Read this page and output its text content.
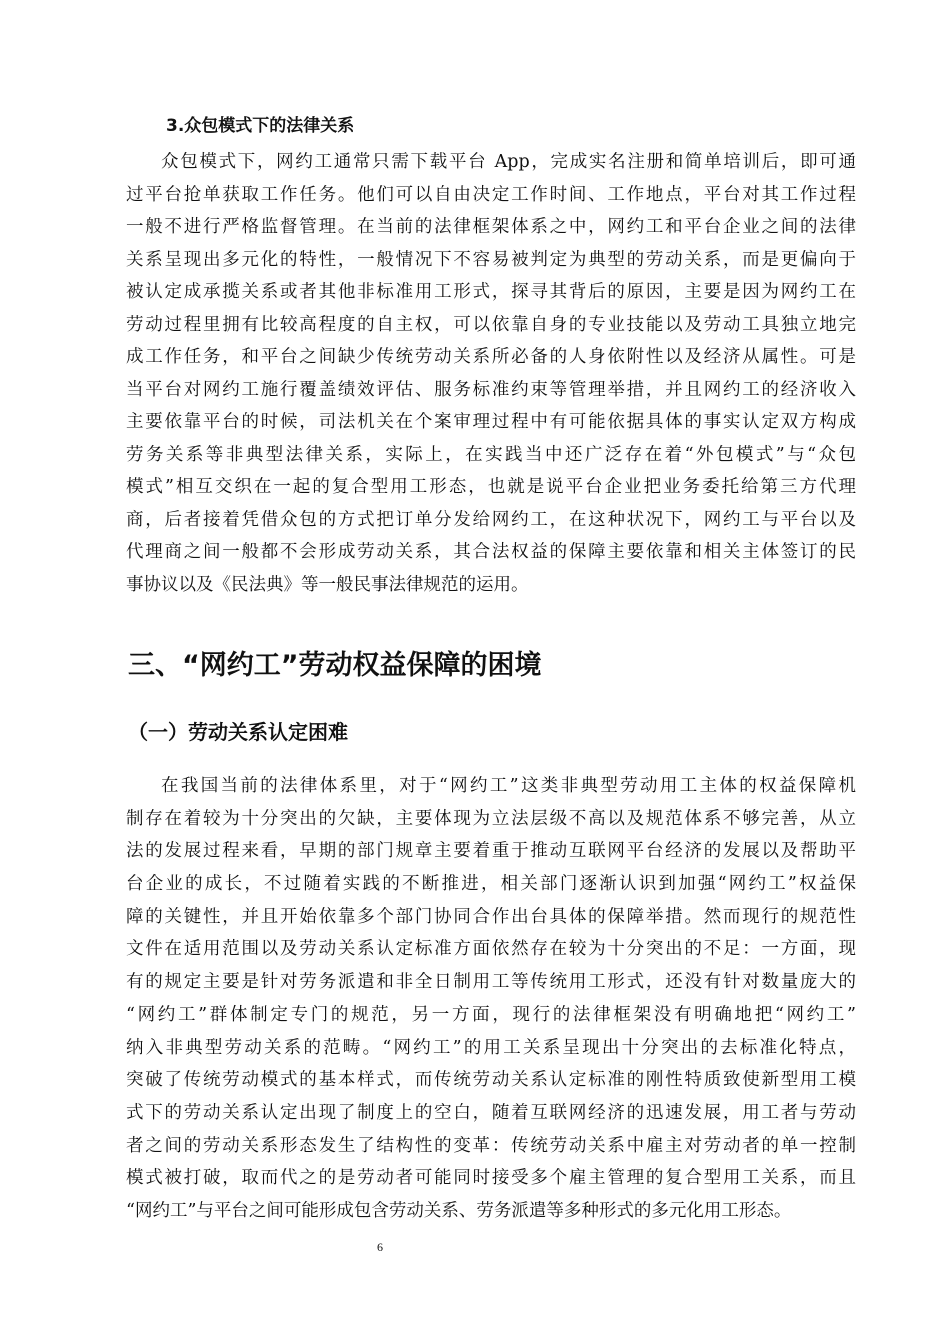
3.众包模式下的法律关系
众包模式下，网约工通常只需下载平台 App，完成实名注册和简单培训后，即可通
过平台抢单获取工作任务。他们可以自由决定工作时间、工作地点，平台对其工作过程
一般不进行严格监督管理。在当前的法律框架体系之中，网约工和平台企业之间的法律
关系呈现出多元化的特性，一般情况下不容易被判定为典型的劳动关系，而是更偏向于
被认定成承揽关系或者其他非标准用工形式，探寻其背后的原因，主要是因为网约工在
劳动过程里拥有比较高程度的自主权，可以依靠自身的专业技能以及劳动工具独立地完
成工作任务，和平台之间缺少传统劳动关系所必备的人身依附性以及经济从属性。可是
当平台对网约工施行覆盖绩效评估、服务标准约束等管理举措，并且网约工的经济收入
主要依靠平台的时候，司法机关在个案审理过程中有可能依据具体的事实认定双方构成
劳务关系等非典型法律关系，实际上，在实践当中还广泛存在着“外包模式”与“众包
模式”相互交织在一起的复合型用工形态，也就是说平台企业把业务委托给第三方代理
商，后者接着凭借众包的方式把订单分发给网约工，在这种状况下，网约工与平台以及
代理商之间一般都不会形成劳动关系，其合法权益的保障主要依靠和相关主体签订的民
事协议以及《民法典》等一般民事法律规范的运用。
三、“网约工”劳动权益保障的困境
（一）劳动关系认定困难
在我国当前的法律体系里，对于“网约工”这类非典型劳动用工主体的权益保障机
制存在着较为十分突出的欠缺，主要体现为立法层级不高以及规范体系不够完善，从立
法的发展过程来看，早期的部门规章主要着重于推动互联网平台经济的发展以及帮助平
台企业的成长，不过随着实践的不断推进，相关部门逐渐认识到加强“网约工”权益保
障的关键性，并且开始依靠多个部门协同合作出台具体的保障举措。然而现行的规范性
文件在适用范围以及劳动关系认定标准方面依然存在较为十分突出的不足：一方面，现
有的规定主要是针对劳务派遣和非全日制用工等传统用工形式，还没有针对数量庞大的
“网约工”群体制定专门的规范，另一方面，现行的法律框架没有明确地把“网约工”
纳入非典型劳动关系的范畴。“网约工”的用工关系呈现出十分突出的去标准化特点，
突破了传统劳动模式的基本样式，而传统劳动关系认定标准的刚性特质致使新型用工模
式下的劳动关系认定出现了制度上的空白，随着互联网经济的迅速发展，用工者与劳动
者之间的劳动关系形态发生了结构性的变革：传统劳动关系中雇主对劳动者的单一控制
模式被打破，取而代之的是劳动者可能同时接受多个雇主管理的复合型用工关系，而且
“网约工”与平台之间可能形成包含劳动关系、劳务派遣等多种形式的多元化用工形态。
6
